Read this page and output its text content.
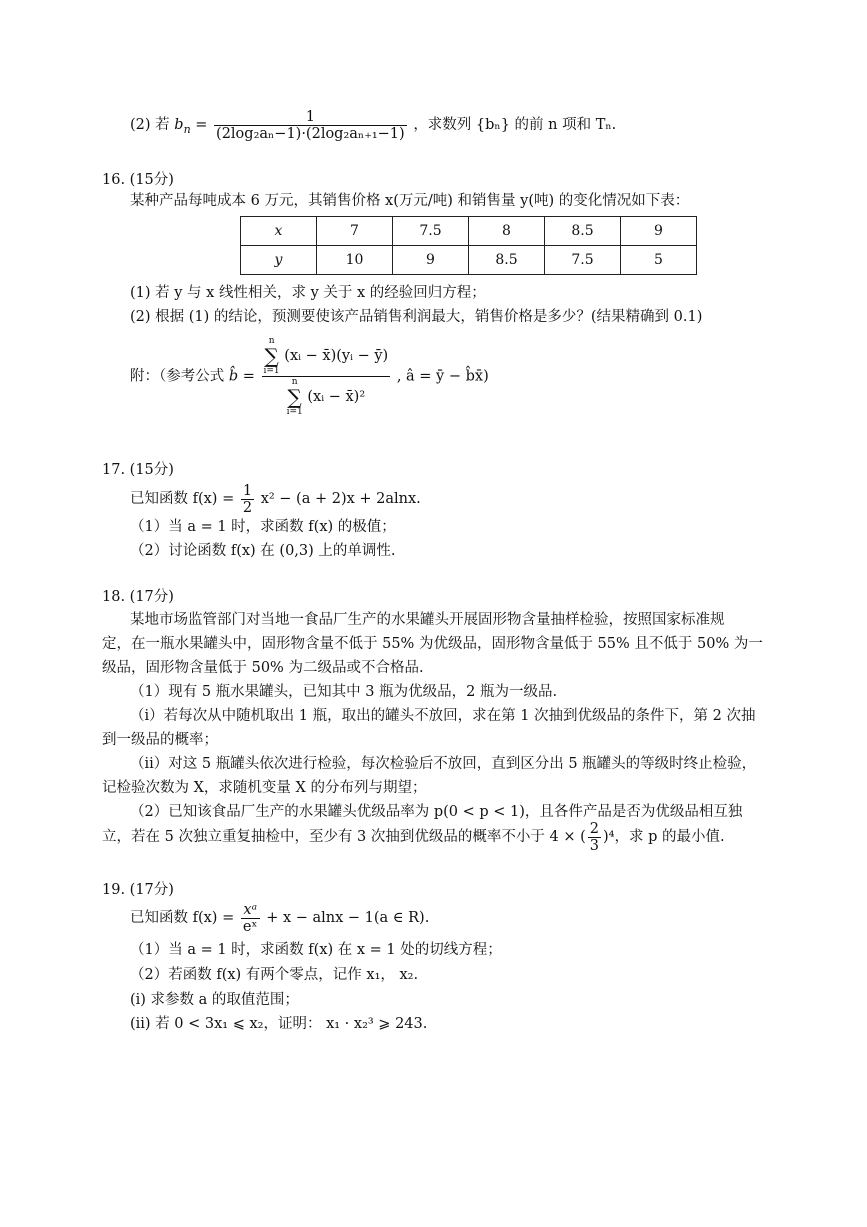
(2) 若 $b_n = \frac{1}{\text{(2log₂aₙ−1)·(2log₂aₙ₊₁−1)}}$ ，求数列 {bₙ} 的前 n 项和 Tₙ.
16. (15分)
某种产品每吨成本 6 万元，其销售价格 x(万元/吨) 和销售量 y(吨) 的变化情况如下表：
x	7	7.5	8	8.5	9
y	10	9	8.5	7.5	5
(1) 若 y 与 x 线性相关，求 y 关于 x 的经验回归方程；
(2) 根据 (1) 的结论，预测要使该产品销售利润最大，销售价格是多少？(结果精确到 0.1)
附：（参考公式 b̂ = n
∑
i=1
(xᵢ − x̄)(yᵢ − ȳ)
n
∑
i=1
(xᵢ − x̄)² , â = ȳ − b̂x̄)
17. (15分)
已知函数 $f(x) = \frac{1}{2} x^2 - (a + 2)x + 2alnx$.
（1）当 a = 1 时，求函数 f(x) 的极值；
（2）讨论函数 f(x) 在 (0,3) 上的单调性.
18. (17分)
某地市场监管部门对当地一食品厂生产的水果罐头开展固形物含量抽样检验，按照国家标准规
定，在一瓶水果罐头中，固形物含量不低于 55% 为优级品，固形物含量低于 55% 且不低于 50% 为一
级品，固形物含量低于 50% 为二级品或不合格品.
（1）现有 5 瓶水果罐头，已知其中 3 瓶为优级品，2 瓶为一级品.
（i）若每次从中随机取出 1 瓶，取出的罐头不放回，求在第 1 次抽到优级品的条件下，第 2 次抽
到一级品的概率；
（ii）对这 5 瓶罐头依次进行检验，每次检验后不放回，直到区分出 5 瓶罐头的等级时终止检验，
记检验次数为 X，求随机变量 X 的分布列与期望；
（2）已知该食品厂生产的水果罐头优级品率为 p(0 < p < 1)，且各件产品是否为优级品相互独
立，若在 5 次独立重复抽检中，至少有 3 次抽到优级品的概率不小于 4 × ( $\frac{2}{3} )^4$，求 p 的最小值.
19. (17分)
已知函数 $f(x) = \frac{\text{xᵃ}}{\text{eˣ}} + x - alnx - 1(a$ ∈ R).
（1）当 a = 1 时，求函数 f(x) 在 x = 1 处的切线方程；
（2）若函数 f(x) 有两个零点，记作 x₁， x₂.
(i) 求参数 a 的取值范围；
(ii) 若 0 < 3x₁ ⩽ x₂，证明： x₁ · x₂³ ⩾ 243.
